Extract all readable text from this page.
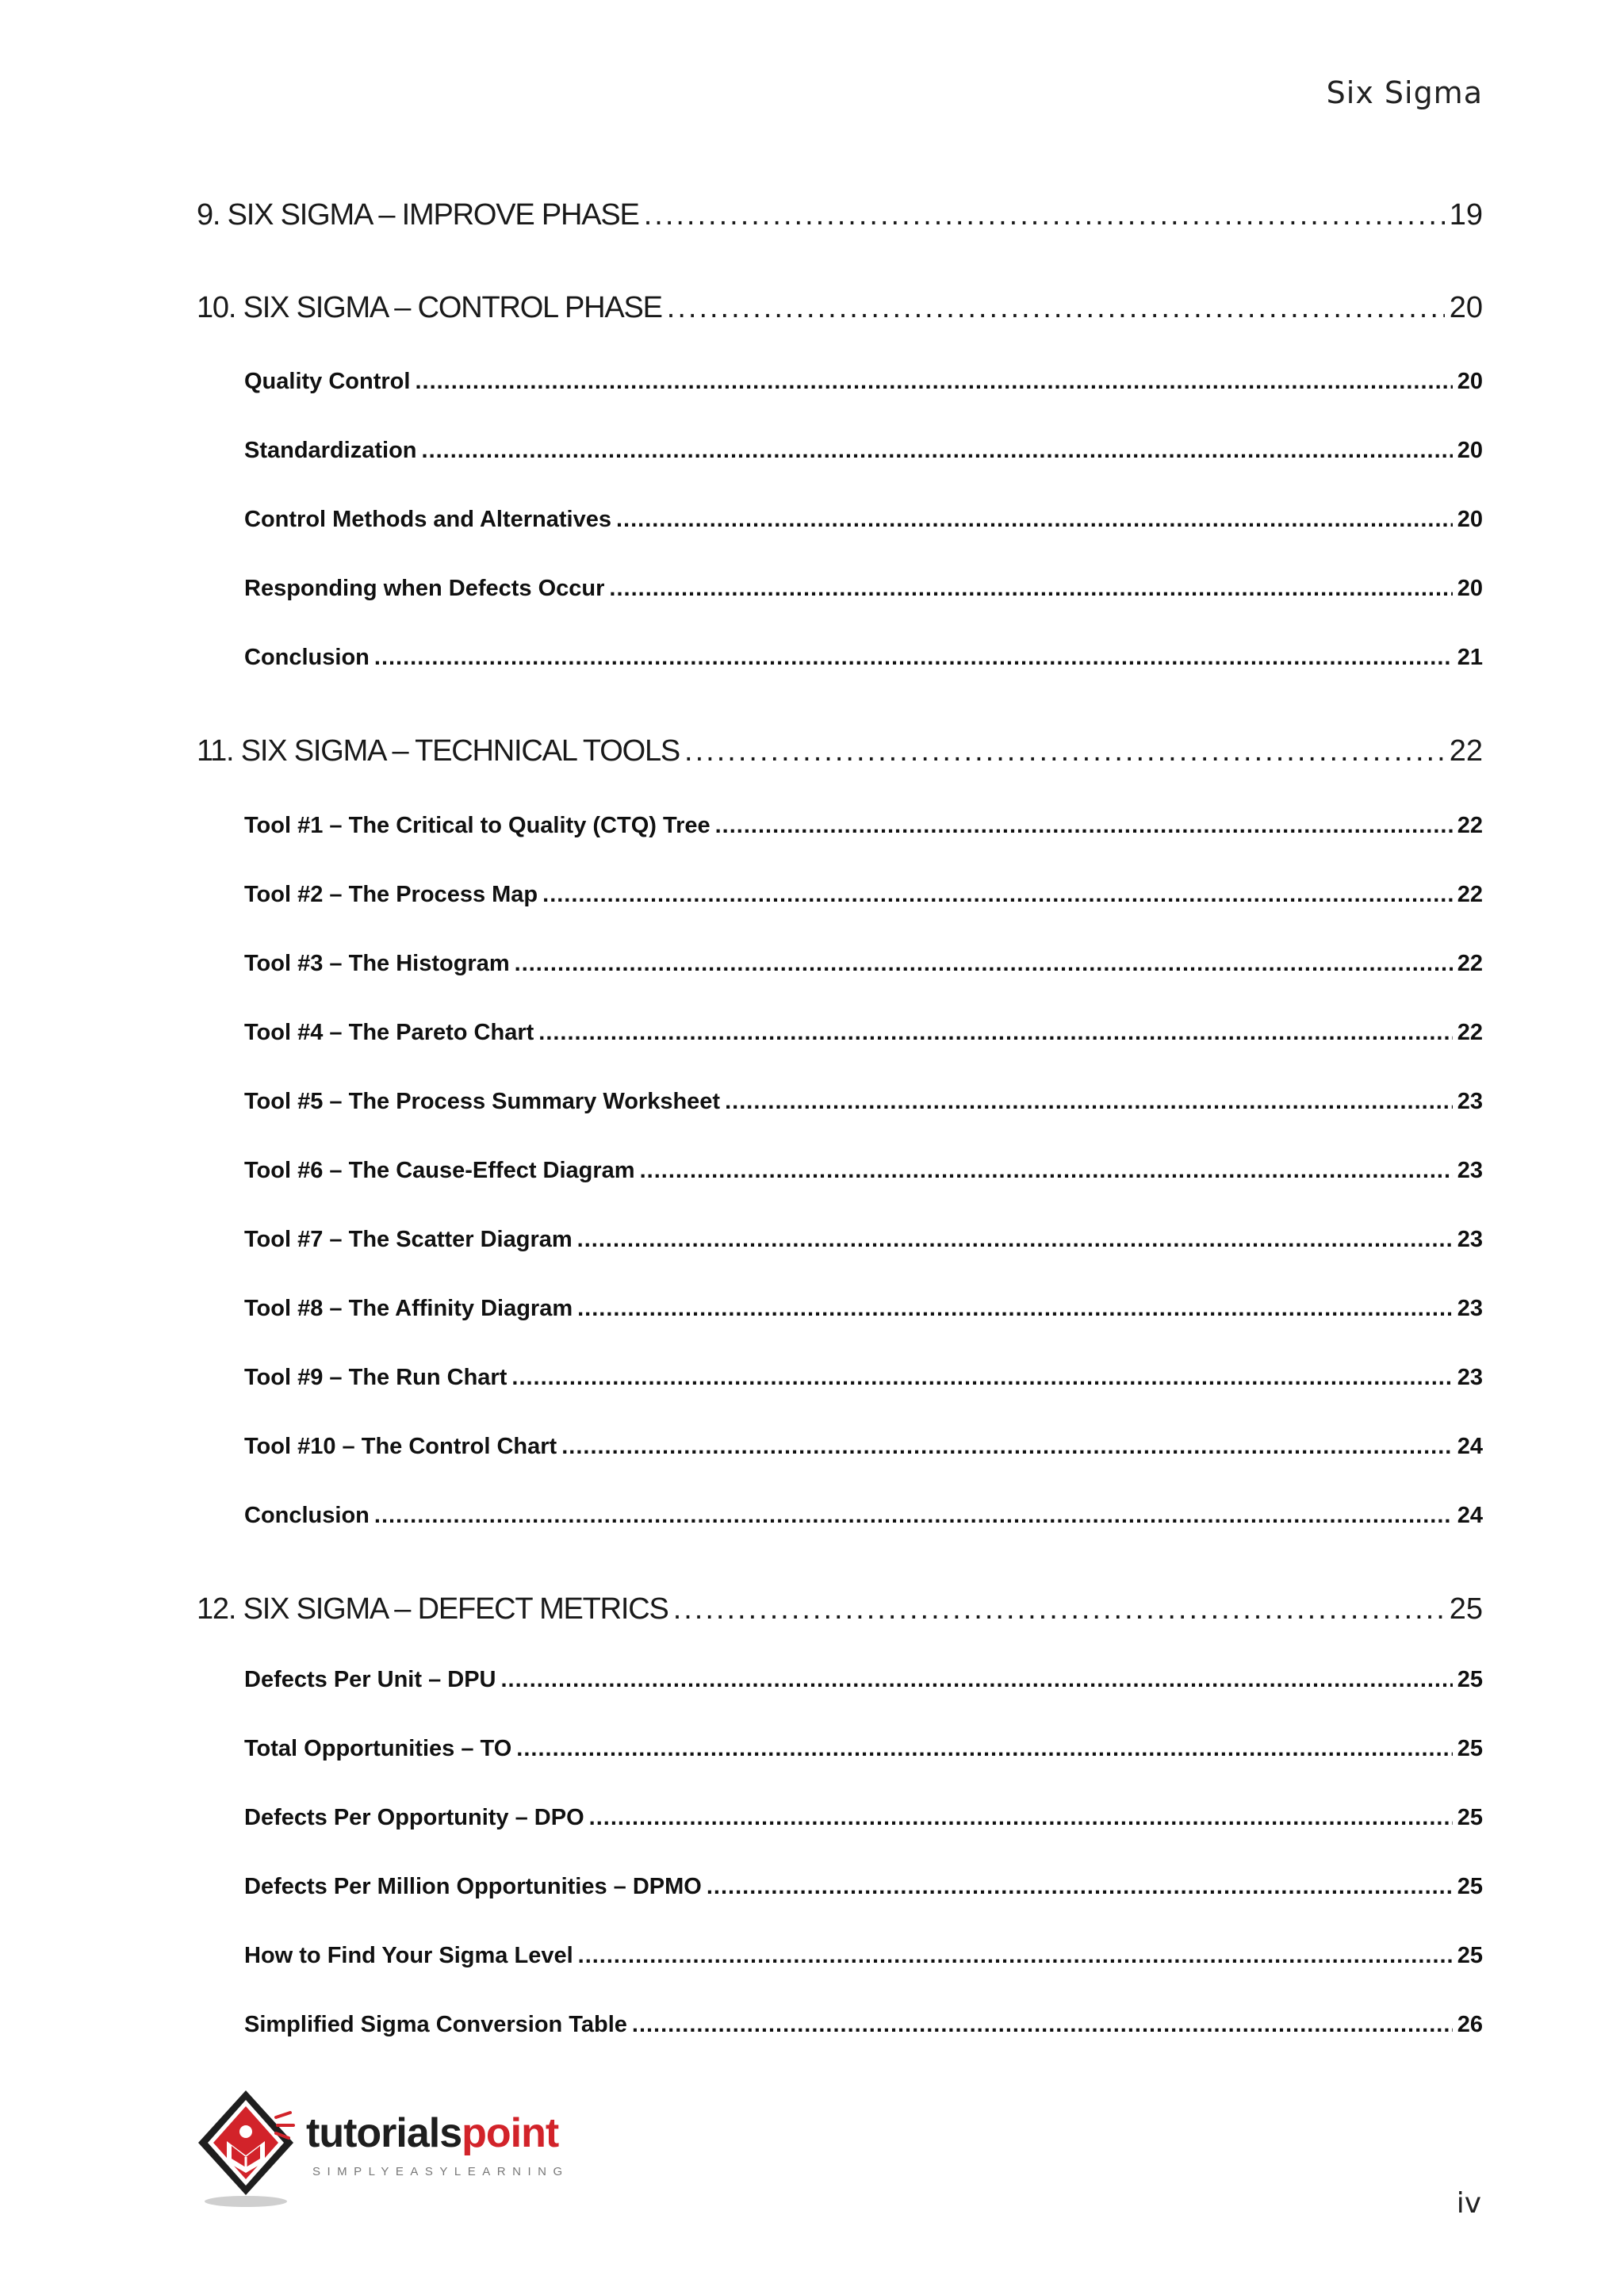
Six Sigma
9. SIX SIGMA – IMPROVE PHASE .....	19
10. SIX SIGMA – CONTROL PHASE .....	20
Quality Control .....	20
Standardization .....	20
Control Methods and Alternatives .....	20
Responding when Defects Occur .....	20
Conclusion .....	21
11. SIX SIGMA – TECHNICAL TOOLS .....	22
Tool #1 – The Critical to Quality (CTQ) Tree .....	22
Tool #2 – The Process Map .....	22
Tool #3 – The Histogram .....	22
Tool #4 – The Pareto Chart .....	22
Tool #5 – The Process Summary Worksheet .....	23
Tool #6 – The Cause-Effect Diagram .....	23
Tool #7 – The Scatter Diagram .....	23
Tool #8 – The Affinity Diagram .....	23
Tool #9 – The Run Chart .....	23
Tool #10 – The Control Chart .....	24
Conclusion .....	24
12. SIX SIGMA – DEFECT METRICS .....	25
Defects Per Unit – DPU .....	25
Total Opportunities – TO .....	25
Defects Per Opportunity – DPO .....	25
Defects Per Million Opportunities – DPMO .....	25
How to Find Your Sigma Level .....	25
Simplified Sigma Conversion Table .....	26
tutorialspoint
SIMPLYEASYLEARNING
iv
